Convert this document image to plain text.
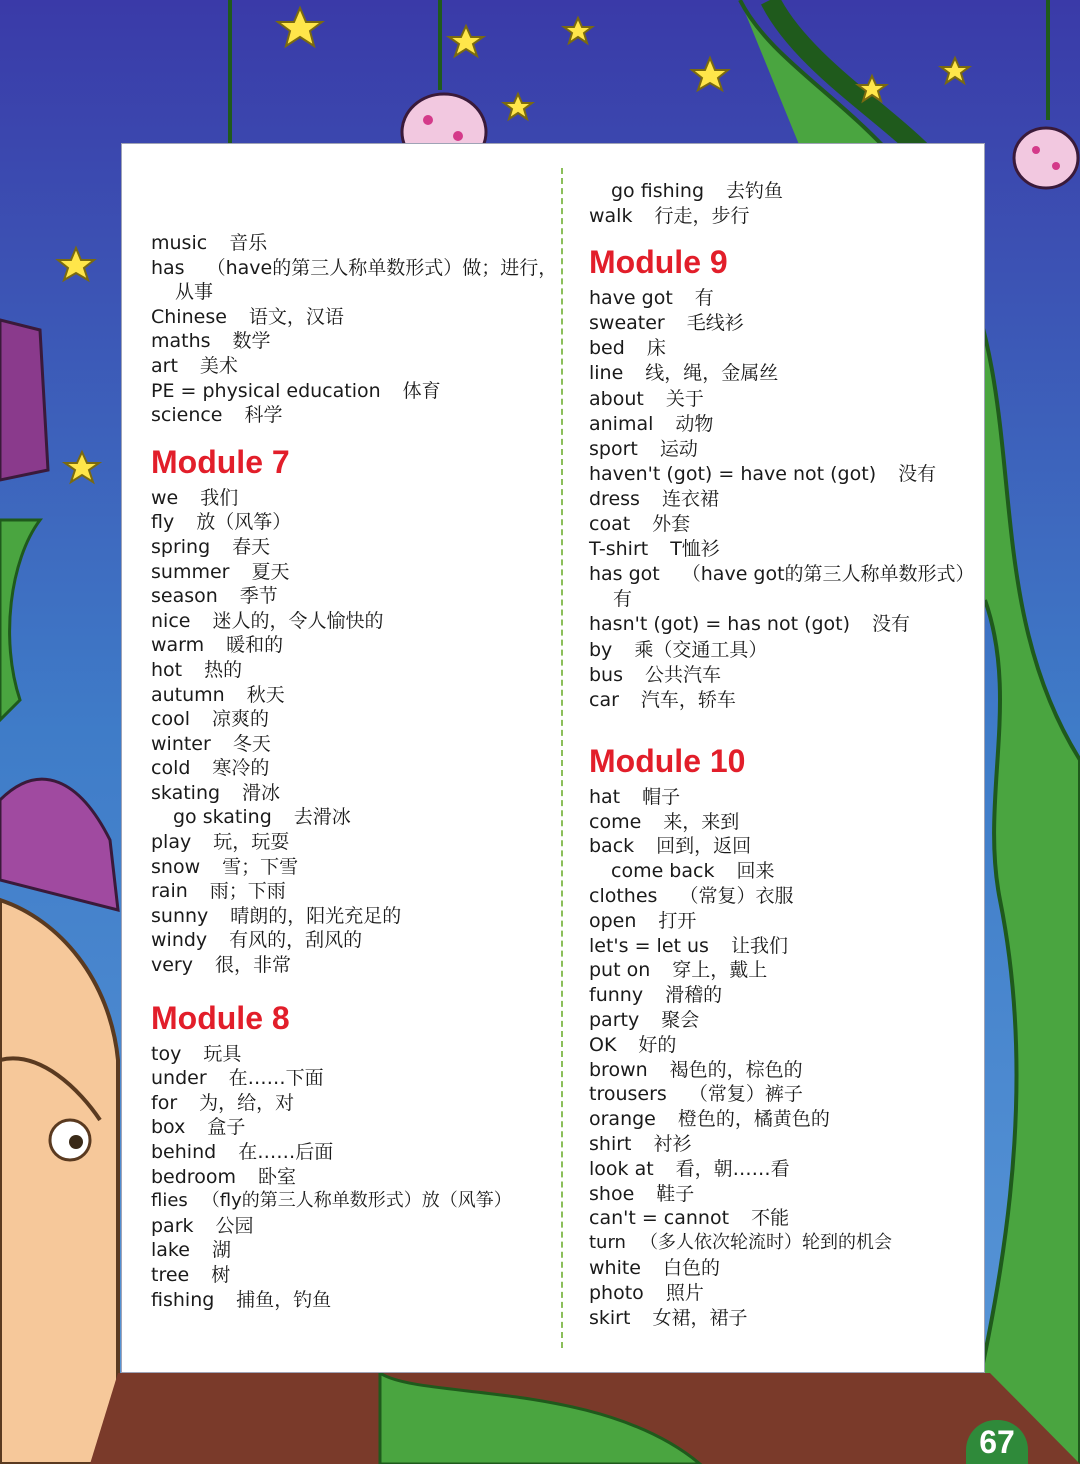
music 音乐

has （have的第三人称单数形式）做；进行，从事

Chinese 语文，汉语

maths 数学

art 美术

PE = physical education 体育

science 科学

Module 7

we 我们

fly 放（风筝）

spring 春天

summer 夏天

season 季节

nice 迷人的，令人愉快的

warm 暖和的

hot 热的

autumn 秋天

cool 凉爽的

winter 冬天

cold 寒冷的

skating 滑冰

go skating 去滑冰

play 玩，玩耍

snow 雪；下雪

rain 雨；下雨

sunny 晴朗的，阳光充足的

windy 有风的，刮风的

very 很，非常

Module 8

toy 玩具

under 在……下面

for 为，给，对

box 盒子

behind 在……后面

bedroom 卧室

flies （fly的第三人称单数形式）放（风筝）

park 公园

lake 湖

tree 树

fishing 捕鱼，钓鱼

go fishing 去钓鱼

walk 行走，步行

Module 9

have got 有

sweater 毛线衫

bed 床

line 线，绳，金属丝

about 关于

animal 动物

sport 运动

haven't (got) = have not (got) 没有

dress 连衣裙

coat 外套

T-shirt T恤衫

has got （have got的第三人称单数形式）有

hasn't (got) = has not (got) 没有

by 乘（交通工具）

bus 公共汽车

car 汽车，轿车

Module 10

hat 帽子

come 来，来到

back 回到，返回

come back 回来

clothes （常复）衣服

open 打开

let's = let us 让我们

put on 穿上，戴上

funny 滑稽的

party 聚会

OK 好的

brown 褐色的，棕色的

trousers （常复）裤子

orange 橙色的，橘黄色的

shirt 衬衫

look at 看，朝……看

shoe 鞋子

can't = cannot 不能

turn （多人依次轮流时）轮到的机会

white 白色的

photo 照片

skirt 女裙，裙子

67
